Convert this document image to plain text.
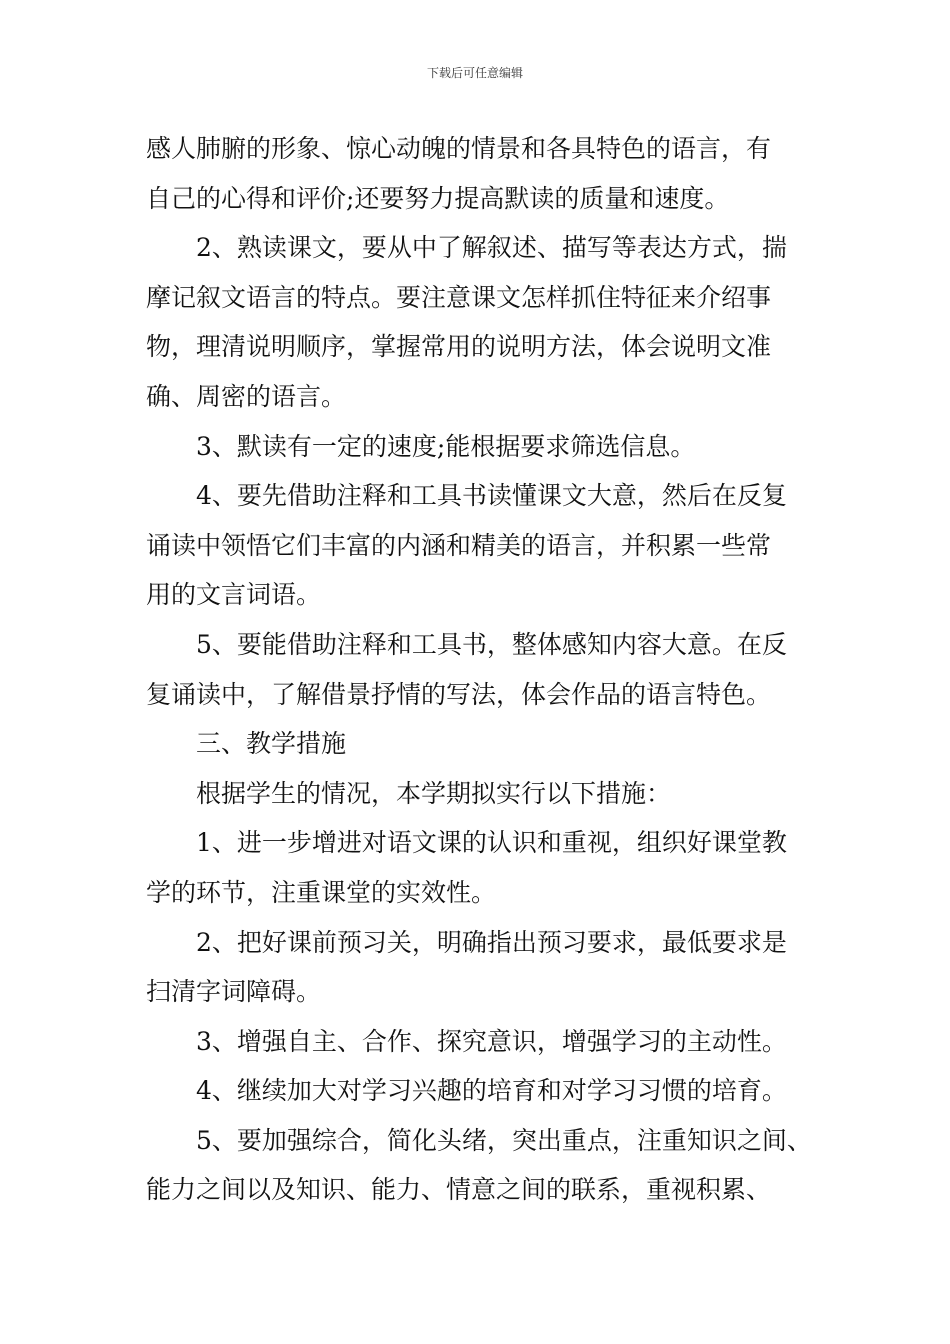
下载后可任意编辑

感人肺腑的形象、惊心动魄的情景和各具特色的语言，有
自己的心得和评价;还要努力提高默读的质量和速度。

2、熟读课文，要从中了解叙述、描写等表达方式，揣
摩记叙文语言的特点。要注意课文怎样抓住特征来介绍事
物，理清说明顺序，掌握常用的说明方法，体会说明文准
确、周密的语言。

3、默读有一定的速度;能根据要求筛选信息。

4、要先借助注释和工具书读懂课文大意，然后在反复
诵读中领悟它们丰富的内涵和精美的语言，并积累一些常
用的文言词语。

5、要能借助注释和工具书，整体感知内容大意。在反
复诵读中，了解借景抒情的写法，体会作品的语言特色。

三、教学措施

根据学生的情况，本学期拟实行以下措施：

1、进一步增进对语文课的认识和重视，组织好课堂教
学的环节，注重课堂的实效性。

2、把好课前预习关，明确指出预习要求，最低要求是
扫清字词障碍。

3、增强自主、合作、探究意识，增强学习的主动性。

4、继续加大对学习兴趣的培育和对学习习惯的培育。

5、要加强综合，简化头绪，突出重点，注重知识之间、
能力之间以及知识、能力、情意之间的联系，重视积累、
